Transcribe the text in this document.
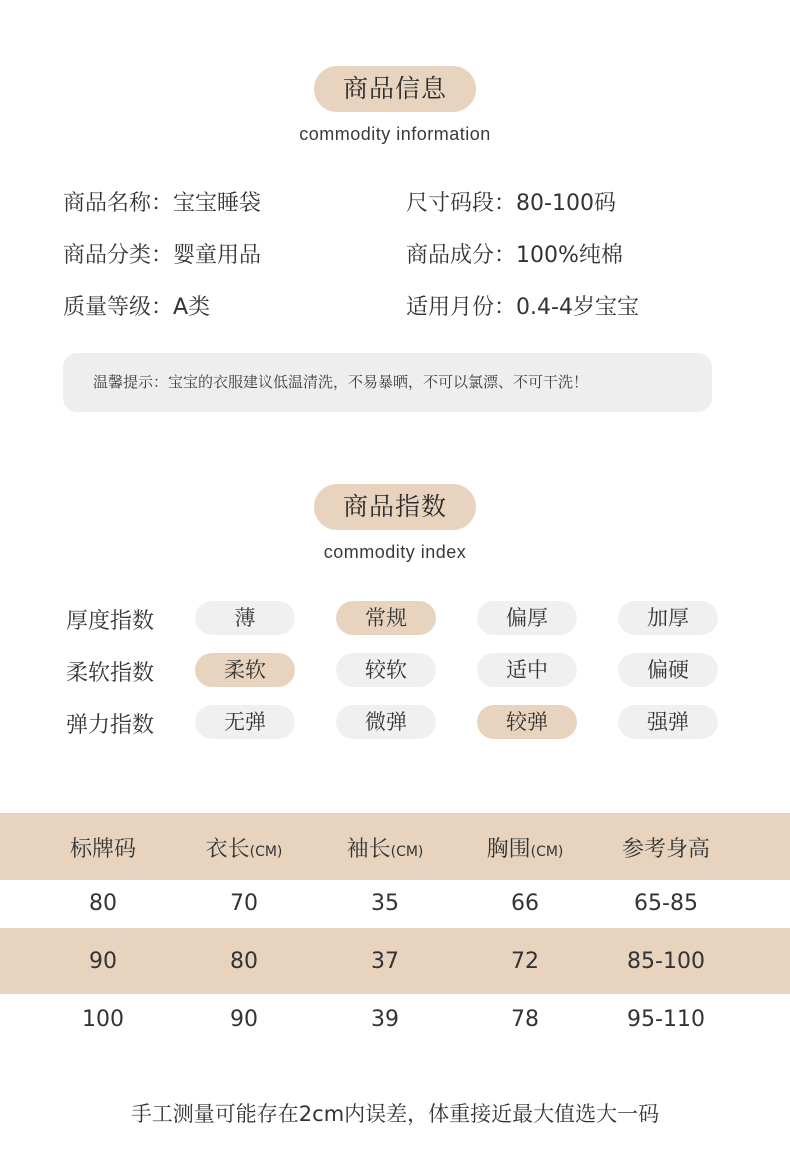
商品信息
commodity information
商品名称：宝宝睡袋	尺寸码段：80-100码
商品分类：婴童用品	商品成分：100%纯棉
质量等级：A类	适用月份：0.4-4岁宝宝
温馨提示：宝宝的衣服建议低温清洗，不易暴晒，不可以氯漂、不可干洗！
商品指数
commodity index
厚度指数	薄	常规	偏厚	加厚
柔软指数	柔软	较软	适中	偏硬
弹力指数	无弹	微弹	较弹	强弹
标牌码	衣长(CM)	袖长(CM)	胸围(CM)	参考身高
80	70	35	66	65-85
90	80	37	72	85-100
100	90	39	78	95-110
手工测量可能存在2cm内误差，体重接近最大值选大一码
